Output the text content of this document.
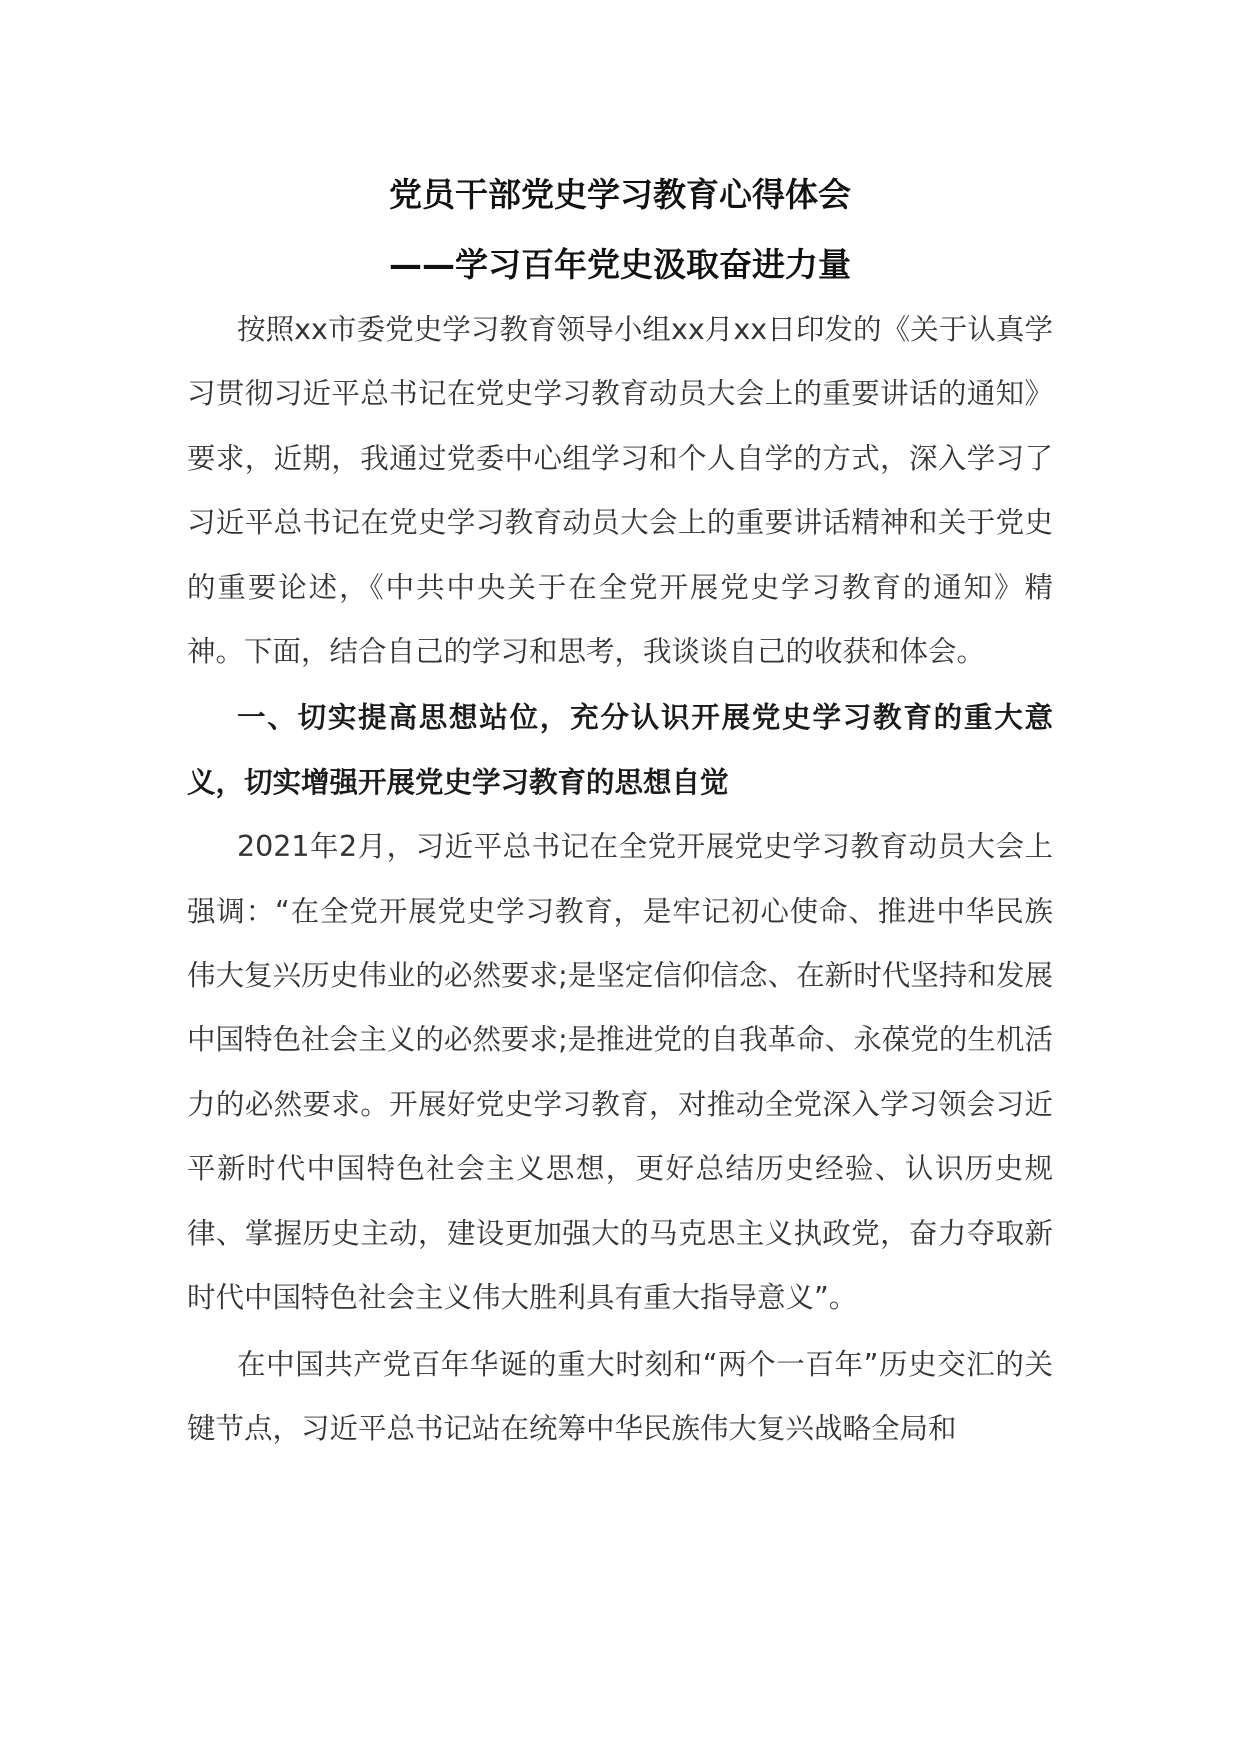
党员干部党史学习教育心得体会
——学习百年党史汲取奋进力量

按照xx市委党史学习教育领导小组xx月xx日印发的《关于认真学习贯彻习近平总书记在党史学习教育动员大会上的重要讲话的通知》要求，近期，我通过党委中心组学习和个人自学的方式，深入学习了习近平总书记在党史学习教育动员大会上的重要讲话精神和关于党史的重要论述，《中共中央关于在全党开展党史学习教育的通知》精神。下面，结合自己的学习和思考，我谈谈自己的收获和体会。

一、切实提高思想站位，充分认识开展党史学习教育的重大意义，切实增强开展党史学习教育的思想自觉

2021年2月，习近平总书记在全党开展党史学习教育动员大会上强调：“在全党开展党史学习教育，是牢记初心使命、推进中华民族伟大复兴历史伟业的必然要求;是坚定信仰信念、在新时代坚持和发展中国特色社会主义的必然要求;是推进党的自我革命、永葆党的生机活力的必然要求。开展好党史学习教育，对推动全党深入学习领会习近平新时代中国特色社会主义思想，更好总结历史经验、认识历史规律、掌握历史主动，建设更加强大的马克思主义执政党，奋力夺取新时代中国特色社会主义伟大胜利具有重大指导意义”。

在中国共产党百年华诞的重大时刻和“两个一百年”历史交汇的关键节点，习近平总书记站在统筹中华民族伟大复兴战略全局和
